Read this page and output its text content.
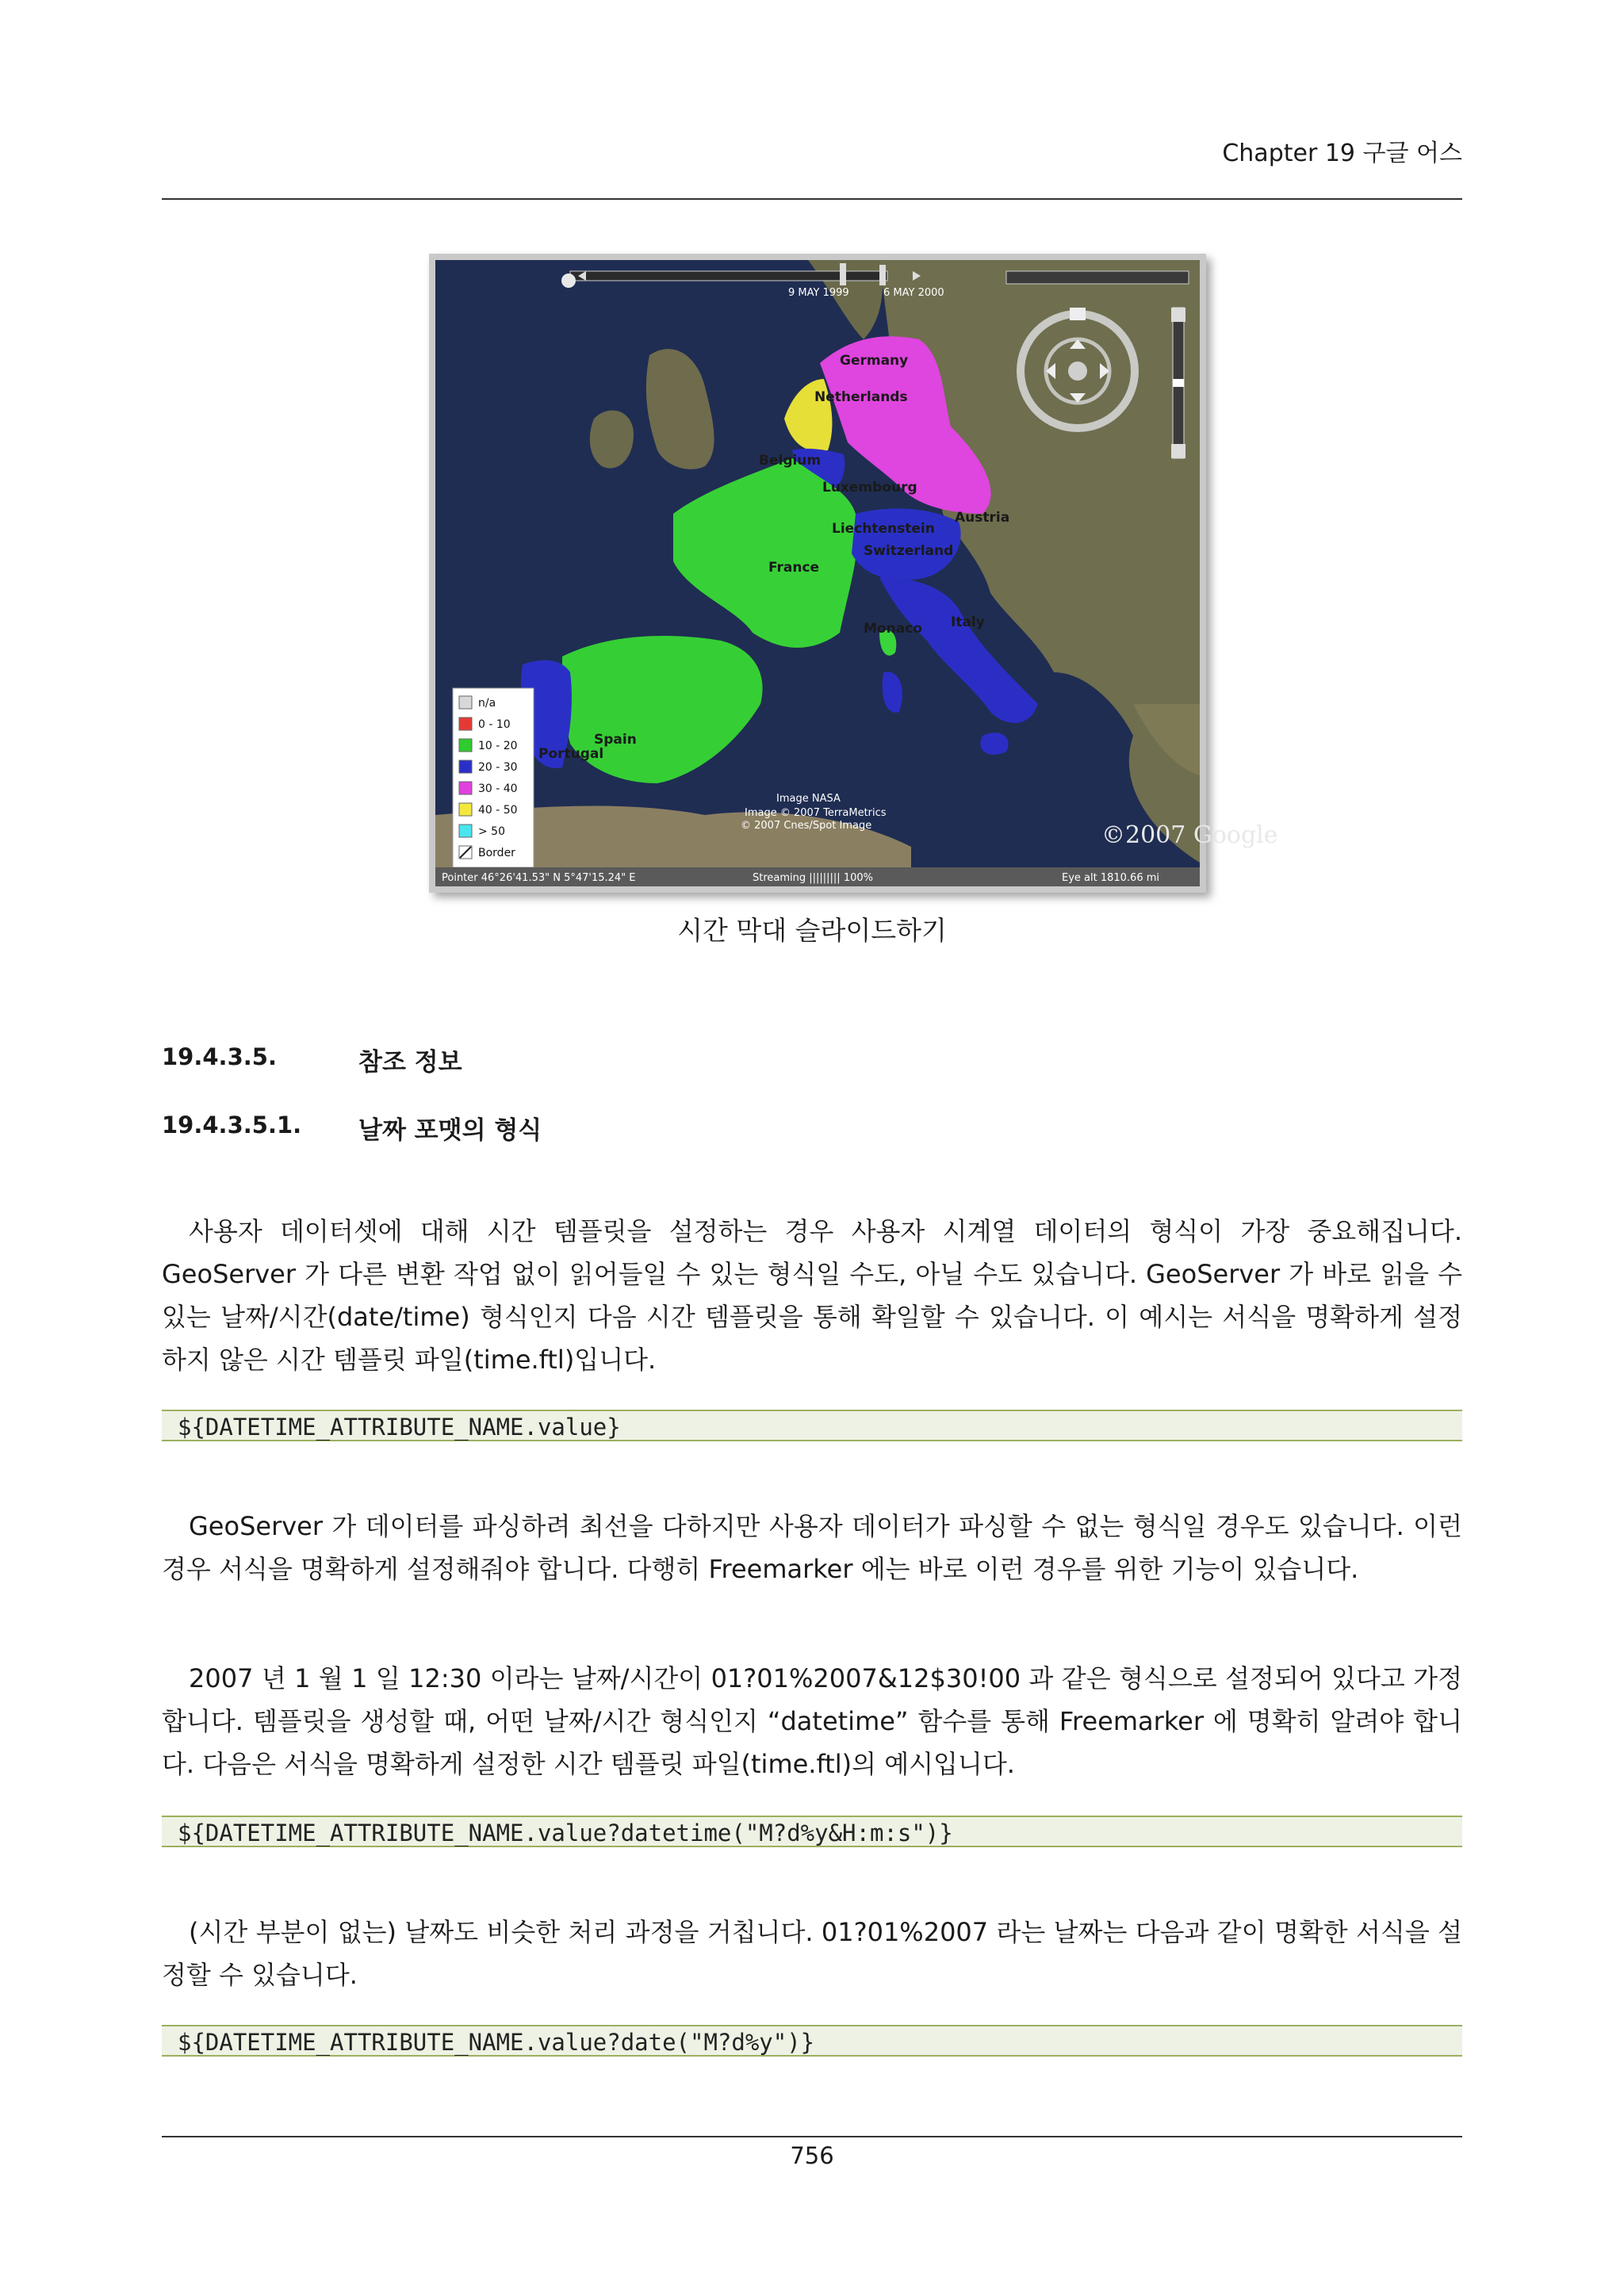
Chapter 19 구글 어스
9 MAY 1999	6 MAY 2000
Germany
Netherlands
Belgium
Luxembourg
Austria
Liechtenstein
Switzerland
France
Monaco Italy
Spain
Portugal
n/a
0 - 10
10 - 20
20 - 30
30 - 40
40 - 50
> 50
Border
Image NASA
Image © 2007 TerraMetrics
© 2007 Cnes/Spot Image	©2007 Google
Pointer 46°26'41.53" N 5°47'15.24" E	Streaming ||||||||| 100%	Eye alt 1810.66 mi
시간 막대 슬라이드하기
19.4.3.5.	참조 정보
19.4.3.5.1. 날짜 포맷의 형식
사용자 데이터셋에 대해 시간 템플릿을 설정하는 경우 사용자 시계열 데이터의 형식이 가장 중요해집니다. GeoServer 가 다른 변환 작업 없이 읽어들일 수 있는 형식일 수도, 아닐 수도 있습니다. GeoServer 가 바로 읽을 수 있는 날짜/시간(date/time) 형식인지 다음 시간 템플릿을 통해 확일할 수 있습니다. 이 예시는 서식을 명확하게 설정하지 않은 시간 템플릿 파일(time.ftl)입니다.
${DATETIME_ATTRIBUTE_NAME.value}
GeoServer 가 데이터를 파싱하려 최선을 다하지만 사용자 데이터가 파싱할 수 없는 형식일 경우도 있습니다. 이런 경우 서식을 명확하게 설정해줘야 합니다. 다행히 Freemarker 에는 바로 이런 경우를 위한 기능이 있습니다.
2007 년 1 월 1 일 12:30 이라는 날짜/시간이 01?01%2007&12$30!00 과 같은 형식으로 설정되어 있다고 가정합니다. 템플릿을 생성할 때, 어떤 날짜/시간 형식인지 “datetime” 함수를 통해 Freemarker 에 명확히 알려야 합니다. 다음은 서식을 명확하게 설정한 시간 템플릿 파일(time.ftl)의 예시입니다.
${DATETIME_ATTRIBUTE_NAME.value?datetime("M?d%y&H:m:s")}
(시간 부분이 없는) 날짜도 비슷한 처리 과정을 거칩니다. 01?01%2007 라는 날짜는 다음과 같이 명확한 서식을 설정할 수 있습니다.
${DATETIME_ATTRIBUTE_NAME.value?date("M?d%y")}
756
